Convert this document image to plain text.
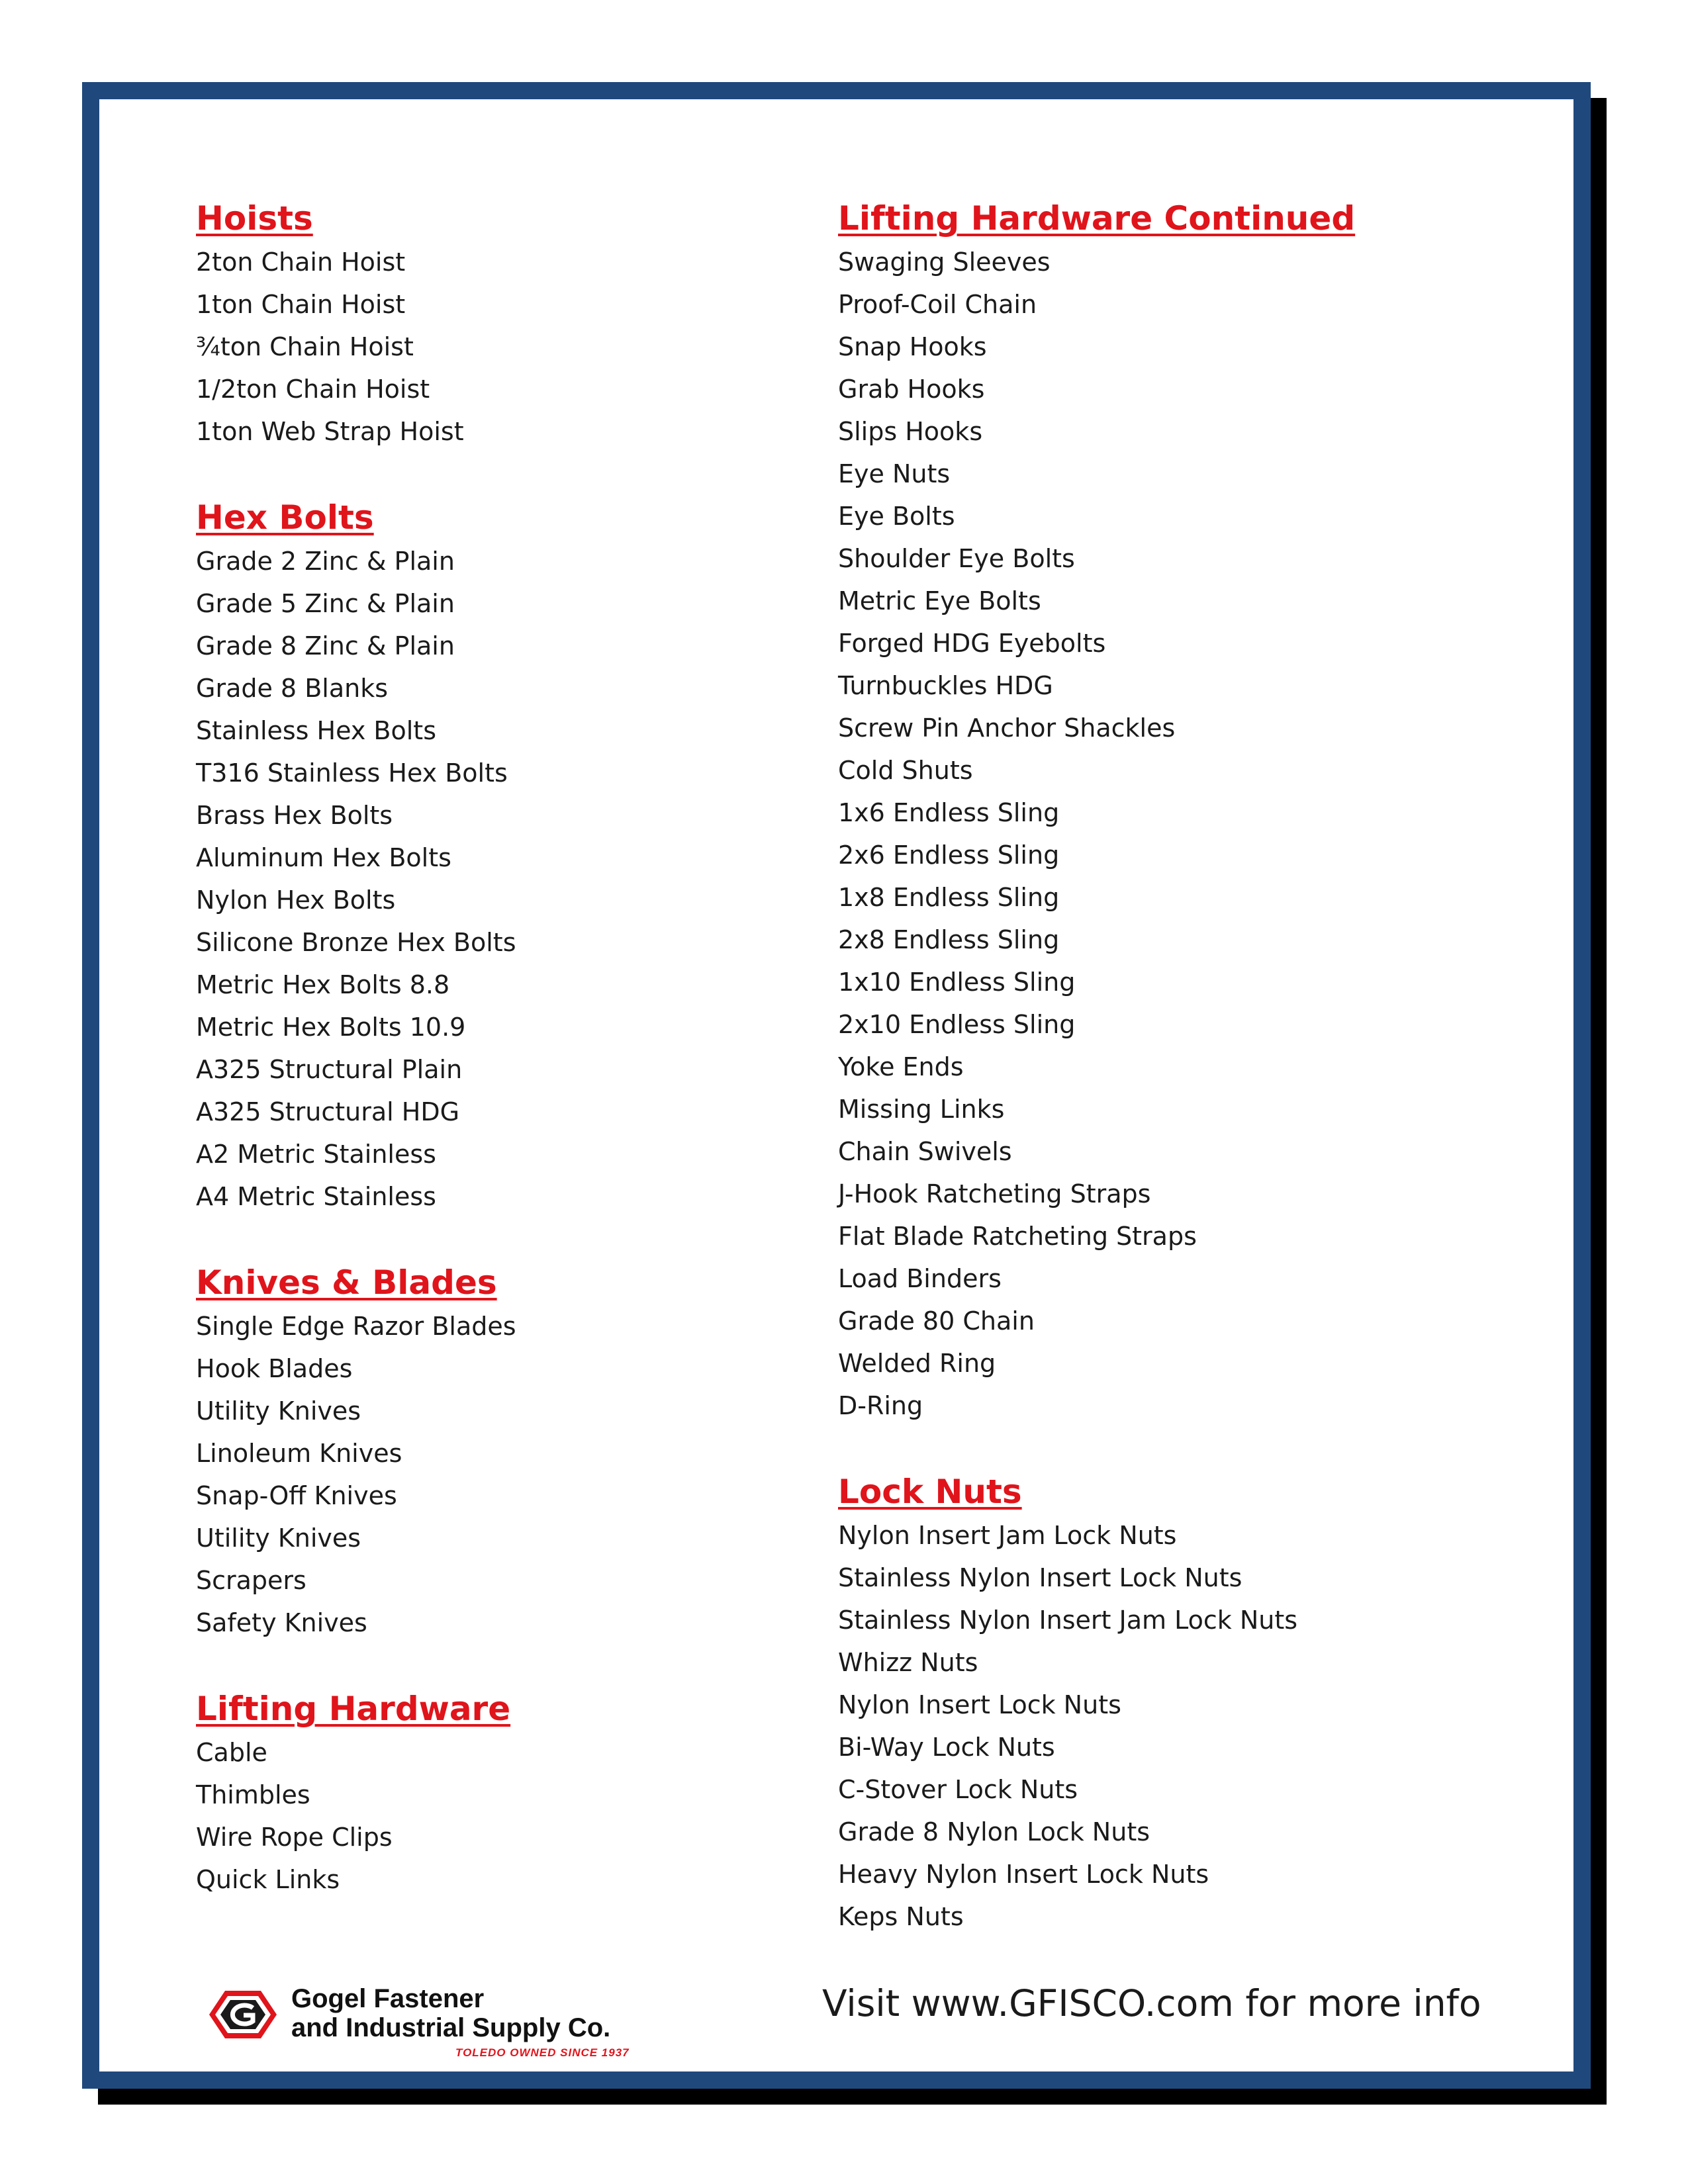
Hoists
2ton Chain Hoist
1ton Chain Hoist
¾ton Chain Hoist
1/2ton Chain Hoist
1ton Web Strap Hoist
Hex Bolts
Grade 2 Zinc & Plain
Grade 5 Zinc & Plain
Grade 8 Zinc & Plain
Grade 8 Blanks
Stainless Hex Bolts
T316 Stainless Hex Bolts
Brass Hex Bolts
Aluminum Hex Bolts
Nylon Hex Bolts
Silicone Bronze Hex Bolts
Metric Hex Bolts 8.8
Metric Hex Bolts 10.9
A325 Structural Plain
A325 Structural HDG
A2 Metric Stainless
A4 Metric Stainless
Knives & Blades
Single Edge Razor Blades
Hook Blades
Utility Knives
Linoleum Knives
Snap-Off Knives
Utility Knives
Scrapers
Safety Knives
Lifting Hardware
Cable
Thimbles
Wire Rope Clips
Quick Links
Lifting Hardware Continued
Swaging Sleeves
Proof-Coil Chain
Snap Hooks
Grab Hooks
Slips Hooks
Eye Nuts
Eye Bolts
Shoulder Eye Bolts
Metric Eye Bolts
Forged HDG Eyebolts
Turnbuckles HDG
Screw Pin Anchor Shackles
Cold Shuts
1x6 Endless Sling
2x6 Endless Sling
1x8 Endless Sling
2x8 Endless Sling
1x10 Endless Sling
2x10 Endless Sling
Yoke Ends
Missing Links
Chain Swivels
J-Hook Ratcheting Straps
Flat Blade Ratcheting Straps
Load Binders
Grade 80 Chain
Welded Ring
D-Ring
Lock Nuts
Nylon Insert Jam Lock Nuts
Stainless Nylon Insert Lock Nuts
Stainless Nylon Insert Jam Lock Nuts
Whizz Nuts
Nylon Insert Lock Nuts
Bi-Way Lock Nuts
C-Stover Lock Nuts
Grade 8 Nylon Lock Nuts
Heavy Nylon Insert Lock Nuts
Keps Nuts
Gogel Fastener
and Industrial Supply Co.
TOLEDO OWNED SINCE 1937
Visit www.GFISCO.com for more info
